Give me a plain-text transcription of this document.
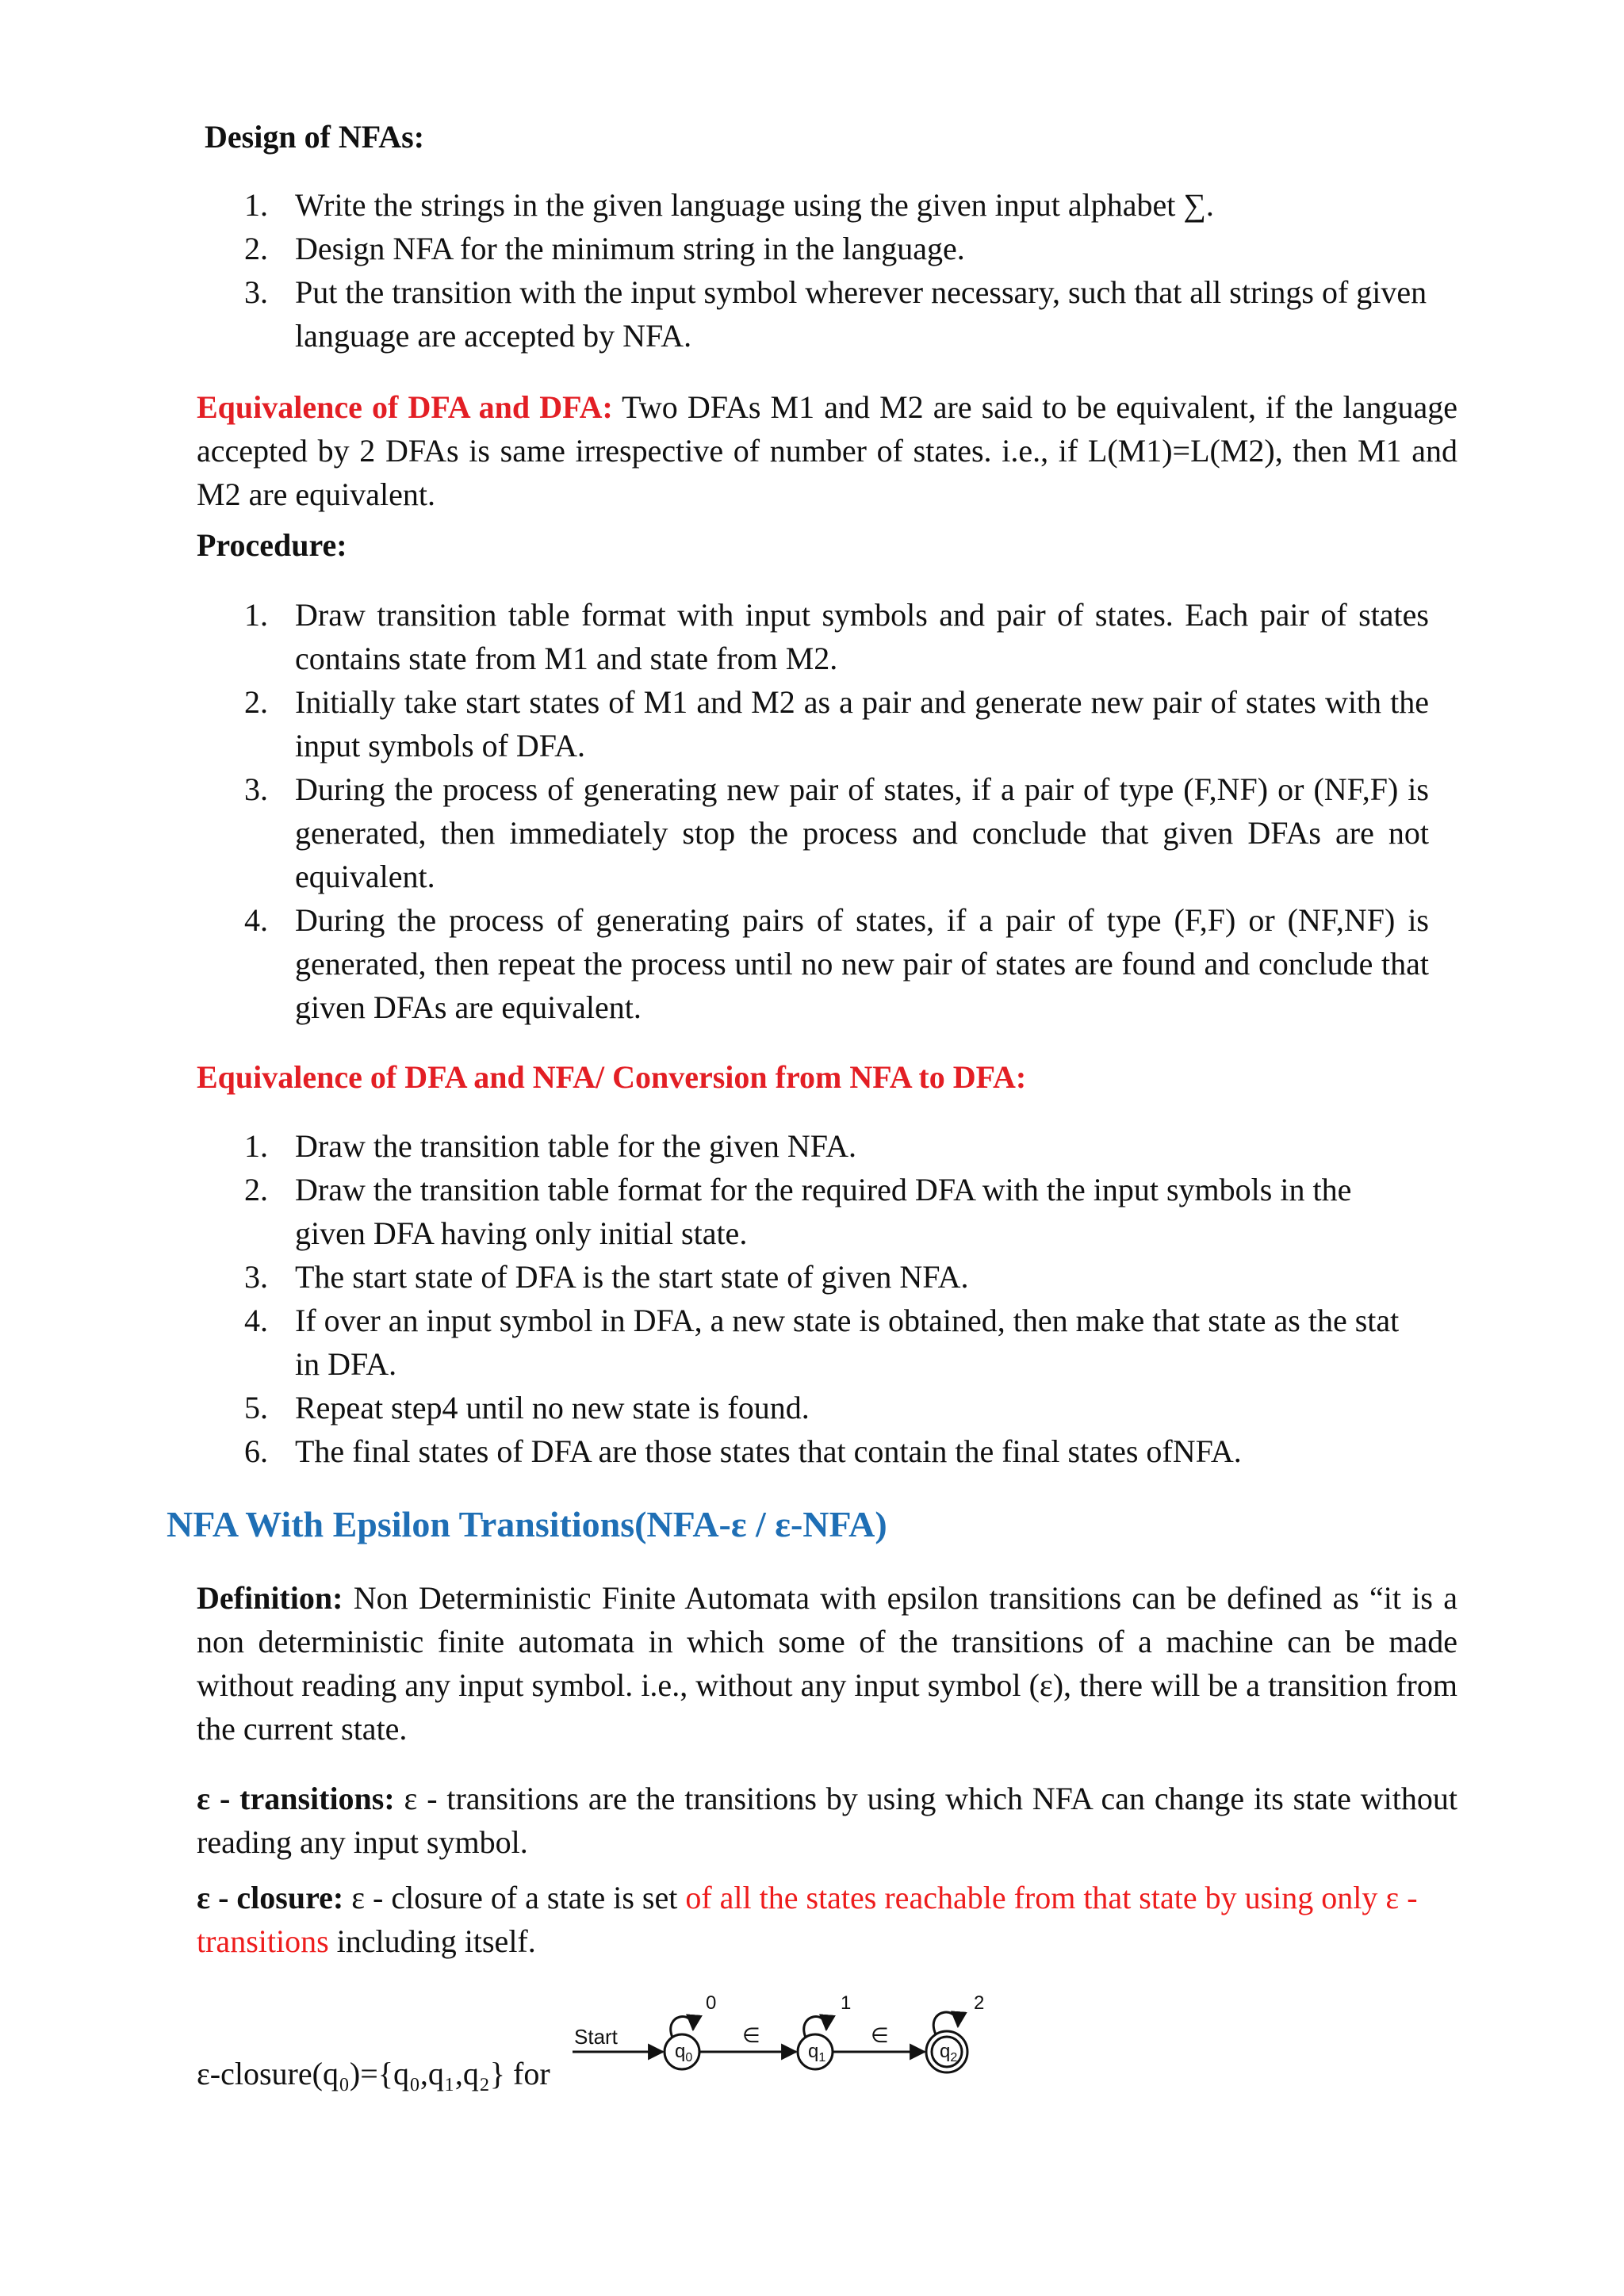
Design of NFAs:
1. Write the strings in the given language using the given input alphabet ∑.
2. Design NFA for the minimum string in the language.
3. Put the transition with the input symbol wherever necessary, such that all strings of given language are accepted by NFA.
Equivalence of DFA and DFA: Two DFAs M1 and M2 are said to be equivalent, if the language accepted by 2 DFAs is same irrespective of number of states. i.e., if L(M1)=L(M2), then M1 and M2 are equivalent.
Procedure:
1. Draw transition table format with input symbols and pair of states. Each pair of states contains state from M1 and state from M2.
2. Initially take start states of M1 and M2 as a pair and generate new pair of states with the input symbols of DFA.
3. During the process of generating new pair of states, if a pair of type (F,NF) or (NF,F) is generated, then immediately stop the process and conclude that given DFAs are not equivalent.
4. During the process of generating pairs of states, if a pair of type (F,F) or (NF,NF) is generated, then repeat the process until no new pair of states are found and conclude that given DFAs are equivalent.
Equivalence of DFA and NFA/ Conversion from NFA to DFA:
1. Draw the transition table for the given NFA.
2. Draw the transition table format for the required DFA with the input symbols in the given DFA having only initial state.
3. The start state of DFA is the start state of given NFA.
4. If over an input symbol in DFA, a new state is obtained, then make that state as the stat in DFA.
5. Repeat step4 until no new state is found.
6. The final states of DFA are those states that contain the final states ofNFA.
NFA With Epsilon Transitions(NFA-ε / ε-NFA)
Definition: Non Deterministic Finite Automata with epsilon transitions can be defined as “it is a non deterministic finite automata in which some of the transitions of a machine can be made without reading any input symbol. i.e., without any input symbol (ε), there will be a transition from the current state.
ε - transitions: ε - transitions are the transitions by using which NFA can change its state without reading any input symbol.
ε - closure: ε - closure of a state is set of all the states reachable from that state by using only ε - transitions including itself.
ε-closure(q₀)={q₀,q₁,q₂} for
Start
0
$q_0$
∈
1
$q_1$
∈
2
$q_2$
